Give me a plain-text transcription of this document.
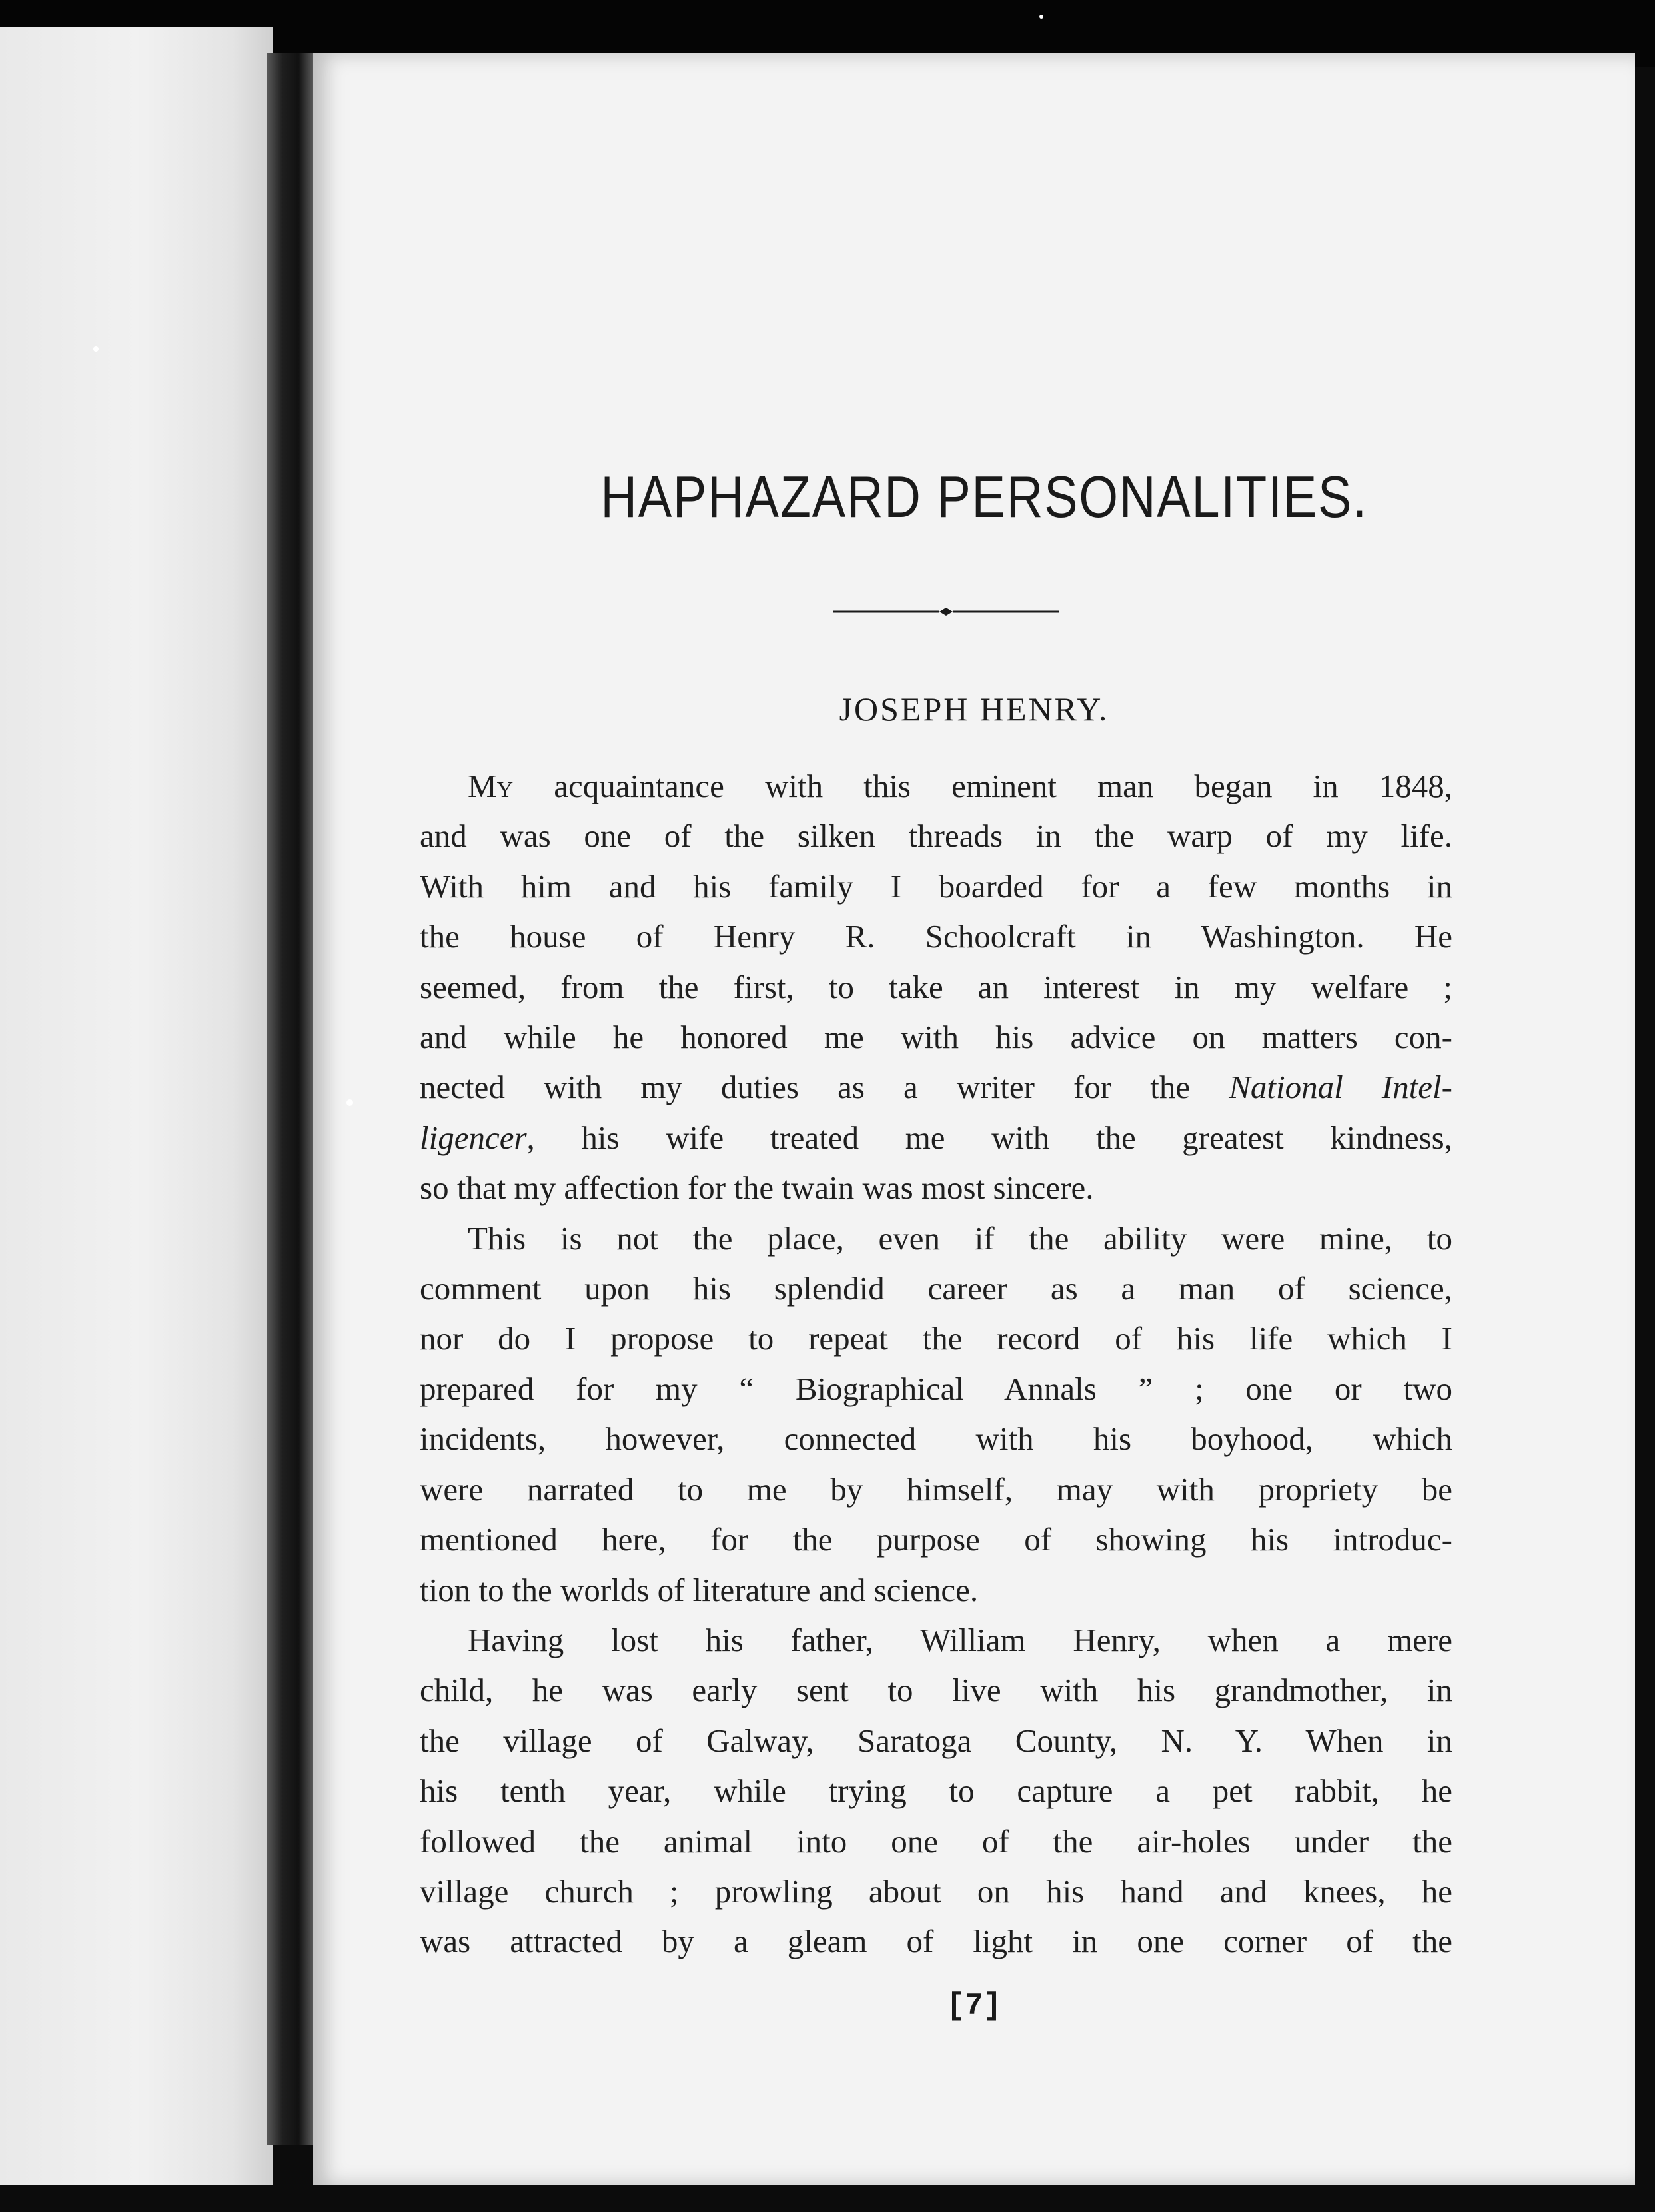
HAPHAZARD PERSONALITIES.
JOSEPH HENRY.
My acquaintance with this eminent man began in 1848,
and was one of the silken threads in the warp of my life.
With him and his family I boarded for a few months in
the house of Henry R. Schoolcraft in Washington. He
seemed, from the first, to take an interest in my welfare ;
and while he honored me with his advice on matters con-
nected with my duties as a writer for the National Intel-
ligencer, his wife treated me with the greatest kindness,
so that my affection for the twain was most sincere.
This is not the place, even if the ability were mine, to
comment upon his splendid career as a man of science,
nor do I propose to repeat the record of his life which I
prepared for my “ Biographical Annals ” ; one or two
incidents, however, connected with his boyhood, which
were narrated to me by himself, may with propriety be
mentioned here, for the purpose of showing his introduc-
tion to the worlds of literature and science.
Having lost his father, William Henry, when a mere
child, he was early sent to live with his grandmother, in
the village of Galway, Saratoga County, N. Y. When in
his tenth year, while trying to capture a pet rabbit, he
followed the animal into one of the air-holes under the
village church ; prowling about on his hand and knees, he
was attracted by a gleam of light in one corner of the
[7]
